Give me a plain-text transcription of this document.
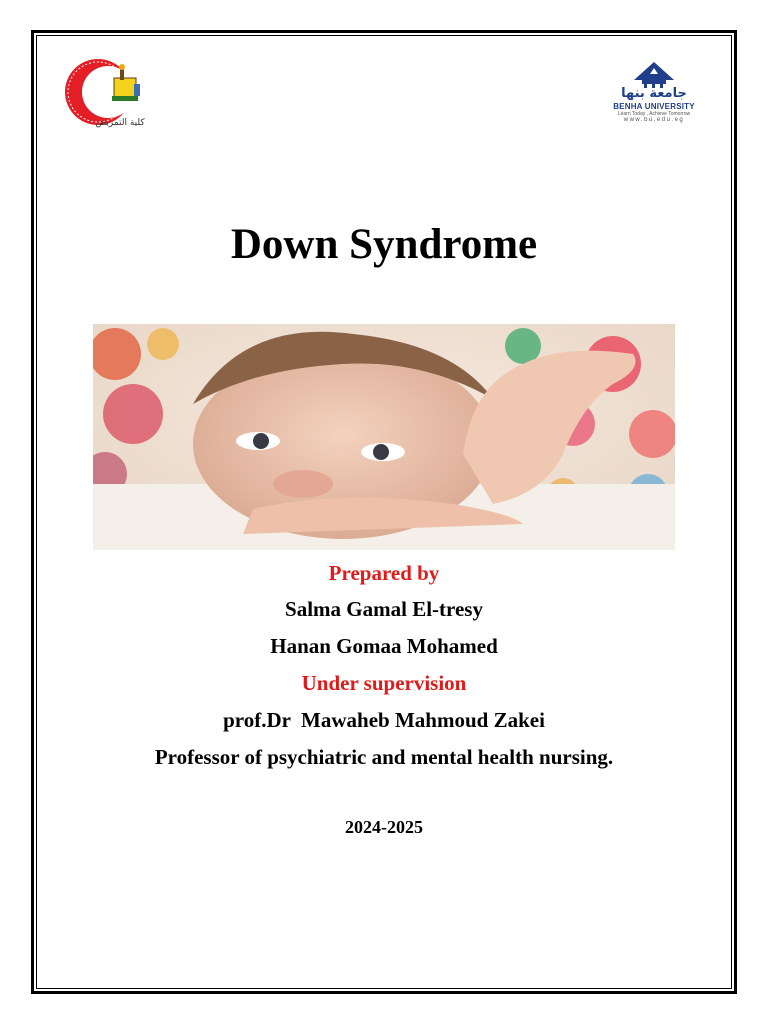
كلية التمريض
جامعة بنها
BENHA UNIVERSITY
Learn Today , Achieve Tomorrow
www.bu.edu.eg
Down Syndrome
Prepared by
Salma Gamal El-tresy
Hanan Gomaa Mohamed
Under supervision
prof.Dr  Mawaheb Mahmoud Zakei
Professor of psychiatric and mental health nursing.
2024-2025
